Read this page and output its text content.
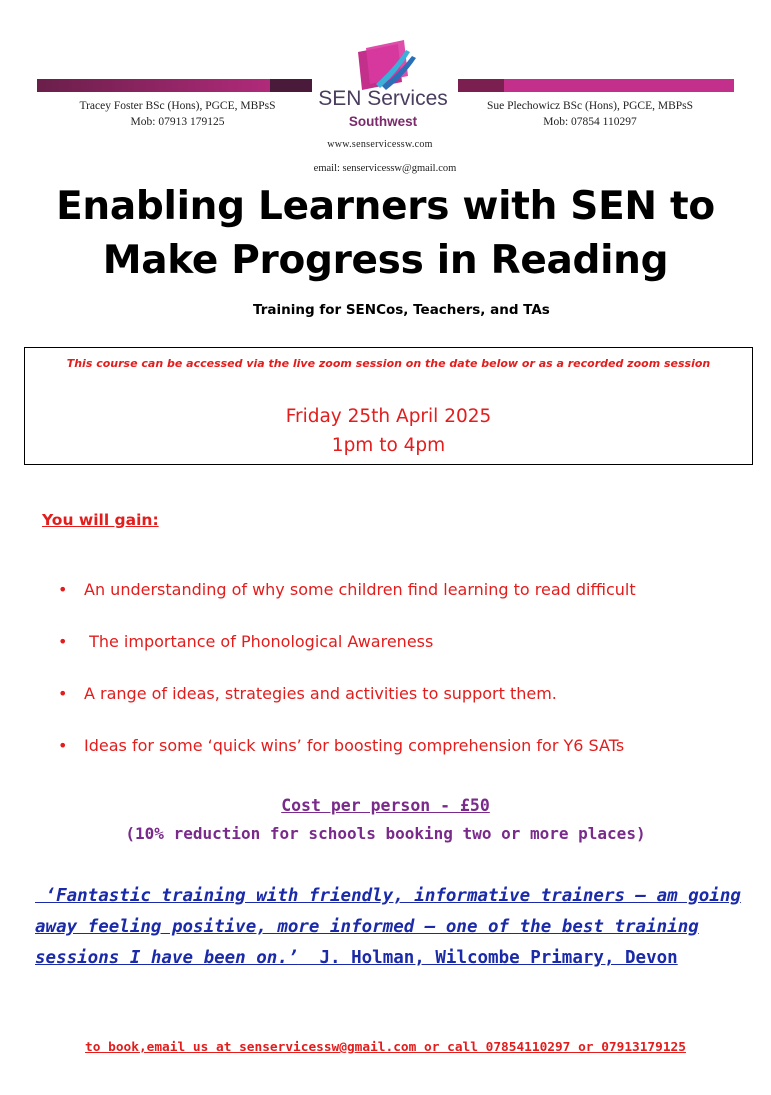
Tracey Foster BSc (Hons), PGCE, MBPsS
Mob: 07913 179125
Sue Plechowicz BSc (Hons), PGCE, MBPsS
Mob: 07854 110297
SEN Services
Southwest
www.senservicessw.com
email: senservicessw@gmail.com
Enabling Learners with SEN to
Make Progress in Reading
Training for SENCos, Teachers, and TAs
This course can be accessed via the live zoom session on the date below or as a recorded zoom session
Friday 25th April 2025
1pm to 4pm
You will gain:
• An understanding of why some children find learning to read difficult
• The importance of Phonological Awareness
• A range of ideas, strategies and activities to support them.
• Ideas for some ‘quick wins’ for boosting comprehension for Y6 SATs
Cost per person - £50
(10% reduction for schools booking two or more places)
‘Fantastic training with friendly, informative trainers – am going
away feeling positive, more informed – one of the best training
sessions I have been on.’  J. Holman, Wilcombe Primary, Devon
to book,email us at senservicessw@gmail.com or call 07854110297 or 07913179125
